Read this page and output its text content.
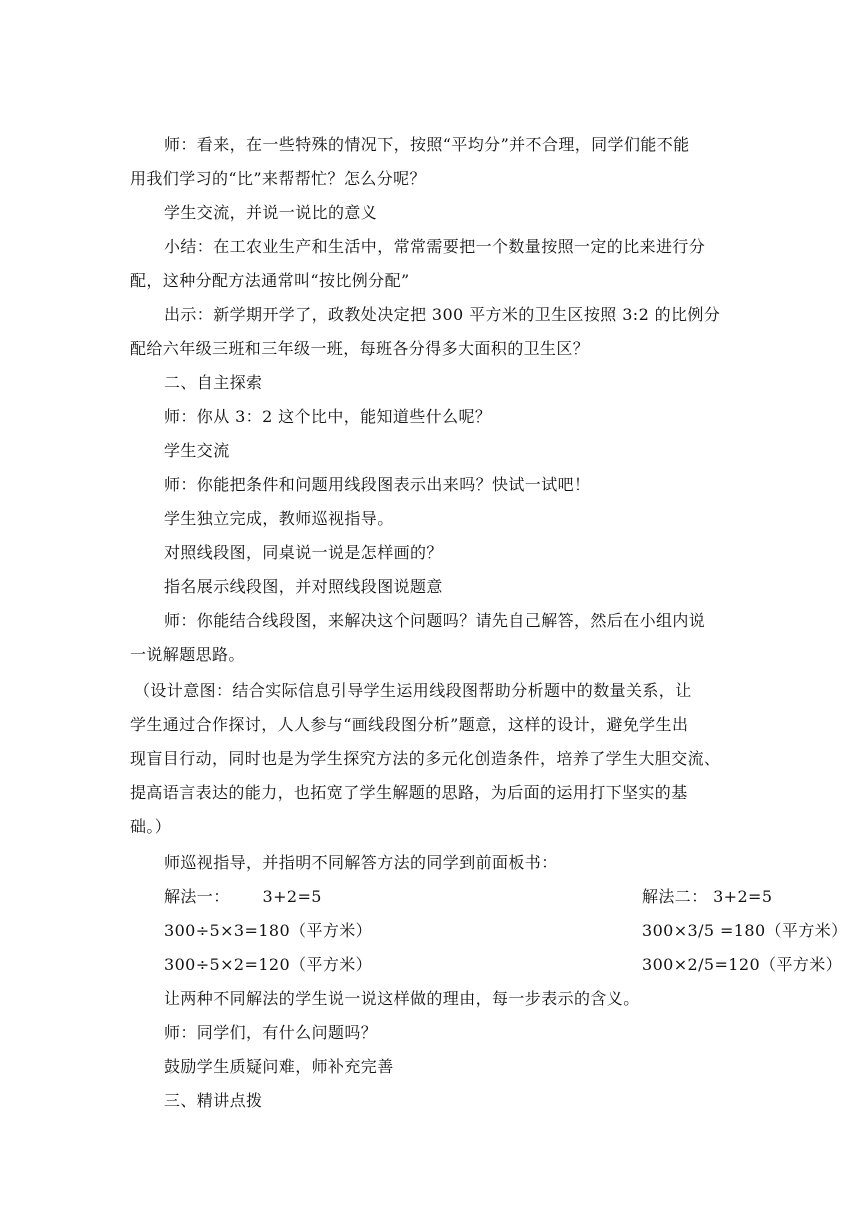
师：看来，在一些特殊的情况下，按照“平均分”并不合理，同学们能不能
用我们学习的“比”来帮帮忙？怎么分呢？
学生交流，并说一说比的意义
小结：在工农业生产和生活中，常常需要把一个数量按照一定的比来进行分
配，这种分配方法通常叫“按比例分配”
出示：新学期开学了，政教处决定把 300 平方米的卫生区按照 3:2 的比例分
配给六年级三班和三年级一班，每班各分得多大面积的卫生区？
二、自主探索
师：你从 3：2 这个比中，能知道些什么呢？
学生交流
师：你能把条件和问题用线段图表示出来吗？快试一试吧！
学生独立完成，教师巡视指导。
对照线段图，同桌说一说是怎样画的？
指名展示线段图，并对照线段图说题意
师：你能结合线段图，来解决这个问题吗？请先自己解答，然后在小组内说
一说解题思路。
（设计意图：结合实际信息引导学生运用线段图帮助分析题中的数量关系，让
学生通过合作探讨，人人参与“画线段图分析”题意，这样的设计，避免学生出
现盲目行动，同时也是为学生探究方法的多元化创造条件，培养了学生大胆交流、
提高语言表达的能力，也拓宽了学生解题的思路，为后面的运用打下坚实的基
础。）
师巡视指导，并指明不同解答方法的同学到前面板书：
解法一：      3+2=5	解法二： 3+2=5
300÷5×3=180（平方米）	300×3/5 =180（平方米）
300÷5×2=120（平方米）	300×2/5=120（平方米）
让两种不同解法的学生说一说这样做的理由，每一步表示的含义。
师：同学们，有什么问题吗？
鼓励学生质疑问难，师补充完善
三、精讲点拨
